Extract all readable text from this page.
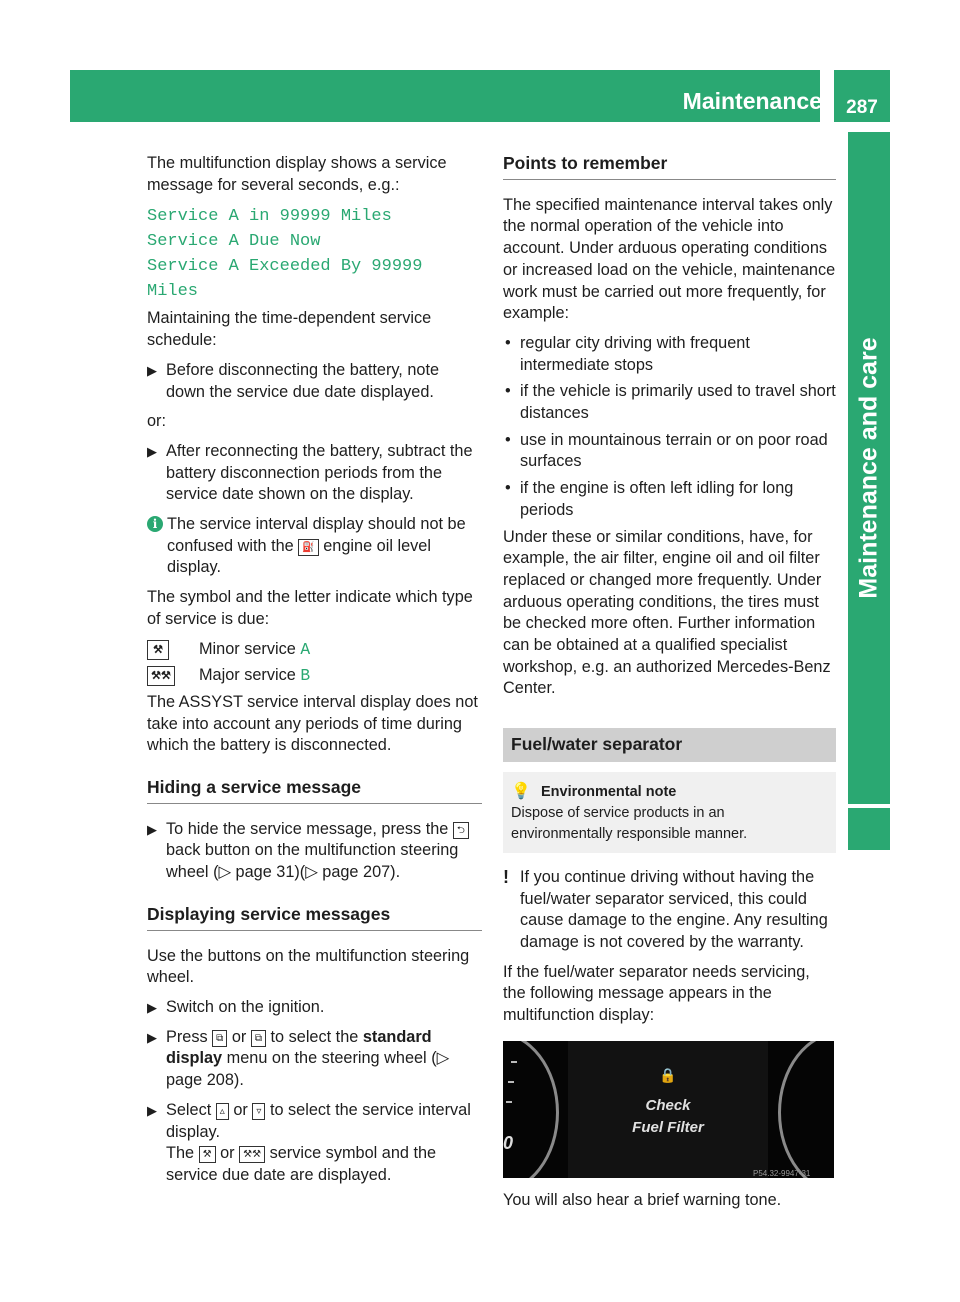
Maintenance	287
Maintenance and care

The multifunction display shows a service message for several seconds, e.g.:

Service A in 99999 Miles

Service A Due Now

Service A Exceeded By 99999 Miles

Maintaining the time-dependent service schedule:

▶ Before disconnecting the battery, note down the service due date displayed.

or:

▶ After reconnecting the battery, subtract the battery disconnection periods from the service date shown on the display.
i The service interval display should not be confused with the ⛽ engine oil level display.

The symbol and the letter indicate which type of service is due:

⚒	Minor service A
⚒⚒ Major service B

The ASSYST service interval display does not take into account any periods of time during which the battery is disconnected.

Hiding a service message
▶ To hide the service message, press the ⮌ back button on the multifunction steering wheel (▷ page 31)(▷ page 207).
Displaying service messages

Use the buttons on the multifunction steering wheel.

▶ Switch on the ignition.
▶ Press ⧉ or ⧉ to select the standard display menu on the steering wheel (▷ page 208).
▶ Select ▵ or ▿ to select the service interval display.
The ⚒ or ⚒⚒ service symbol and the service due date are displayed.
Points to remember

The specified maintenance interval takes only the normal operation of the vehicle into account. Under arduous operating conditions or increased load on the vehicle, maintenance work must be carried out more frequently, for example:

• regular city driving with frequent intermediate stops
• if the vehicle is primarily used to travel short distances
• use in mountainous terrain or on poor road surfaces
• if the engine is often left idling for long periods

Under these or similar conditions, have, for example, the air filter, engine oil and oil filter replaced or changed more frequently. Under arduous operating conditions, the tires must be checked more often. Further information can be obtained at a qualified specialist workshop, e.g. an authorized Mercedes-Benz Center.

Fuel/water separator
💡 Environmental note
Dispose of service products in an environmentally responsible manner.
! If you continue driving without having the fuel/water separator serviced, this could cause damage to the engine. Any resulting damage is not covered by the warranty.

If the fuel/water separator needs servicing, the following message appears in the multifunction display:

0
🔒
Check
Fuel Filter
P54.32-9947-31

You will also hear a brief warning tone.
